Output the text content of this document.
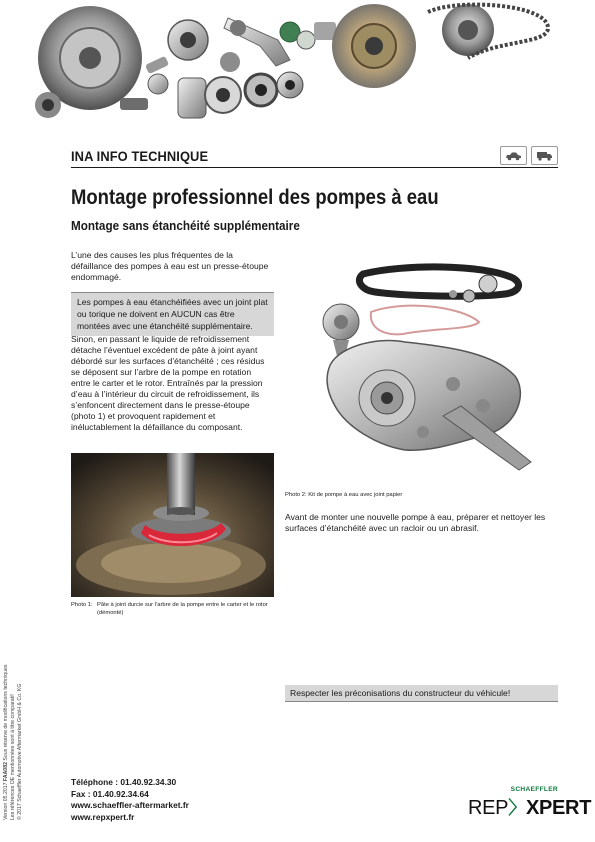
INA INFO TECHNIQUE
Montage professionnel des pompes à eau
Montage sans étanchéité supplémentaire
L’une des causes les plus fréquentes de la défaillance des pompes à eau est un presse-étoupe endommagé.
Les pompes à eau étanchéifiées avec un joint plat ou torique ne doivent en AUCUN cas être montées avec une étanchéité supplémentaire.
Sinon, en passant le liquide de refroidissement détache l’éventuel excédent de pâte à joint ayant débordé sur les surfaces d’étanchéité ; ces résidus se déposent sur l’arbre de la pompe en rotation entre le carter et le rotor. Entraînés par la pression d’eau à l’intérieur du circuit de refroidissement, ils s’enfoncent directement dans le presse-étoupe (photo 1) et provoquent rapidement et inéluctablement la défaillance du composant.
Photo 1: Pâte à joint durcie sur l’arbre de la pompe entre le carter et le rotor (démonté)
Photo 2: Kit de pompe à eau avec joint papier
Avant de monter une nouvelle pompe à eau, préparer et nettoyer les surfaces d’étanchéité avec un racloir ou un abrasif.
Respecter les préconisations du constructeur du véhicule!
Téléphone : 01.40.92.34.30
Fax : 01.40.92.34.64
www.schaeffler-aftermarket.fr
www.repxpert.fr
Version 05.2017 FAA082 Sous réserve de modifications techniques Les références OE mentionnées sont à titre comparatif © 2017 Schaeffler Automotive Aftermarket GmbH & Co. KG	SCHAEFFLER
REP〉XPERT
